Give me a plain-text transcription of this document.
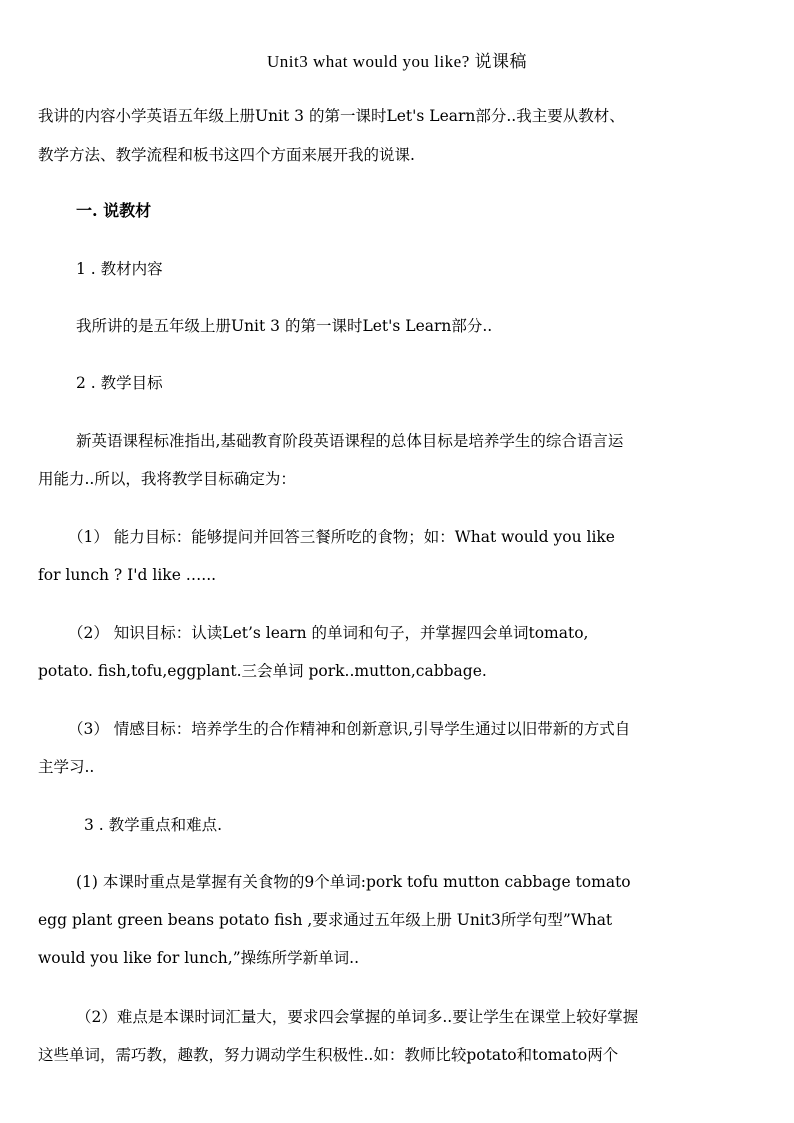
Unit3 what would you like? 说课稿
我讲的内容小学英语五年级上册Unit 3 的第一课时Let's Learn部分..我主要从教材、
教学方法、教学流程和板书这四个方面来展开我的说课.
一. 说教材
1 . 教材内容
我所讲的是五年级上册Unit 3 的第一课时Let's Learn部分..
2 . 教学目标
新英语课程标准指出,基础教育阶段英语课程的总体目标是培养学生的综合语言运
用能力..所以，我将教学目标确定为：
（1） 能力目标：能够提问并回答三餐所吃的食物；如：What would you like
for lunch ? I'd like …...
（2） 知识目标：认读Let’s learn 的单词和句子，并掌握四会单词tomato,
potato. fish,tofu,eggplant.三会单词 pork..mutton,cabbage.
（3） 情感目标：培养学生的合作精神和创新意识,引导学生通过以旧带新的方式自
主学习..
3 . 教学重点和难点.
(1) 本课时重点是掌握有关食物的9个单词:pork tofu mutton cabbage tomato
egg plant green beans potato fish ,要求通过五年级上册 Unit3所学句型”What
would you like for lunch,”操练所学新单词..
（2）难点是本课时词汇量大，要求四会掌握的单词多..要让学生在课堂上较好掌握
这些单词，需巧教，趣教，努力调动学生积极性..如：教师比较potato和tomato两个
